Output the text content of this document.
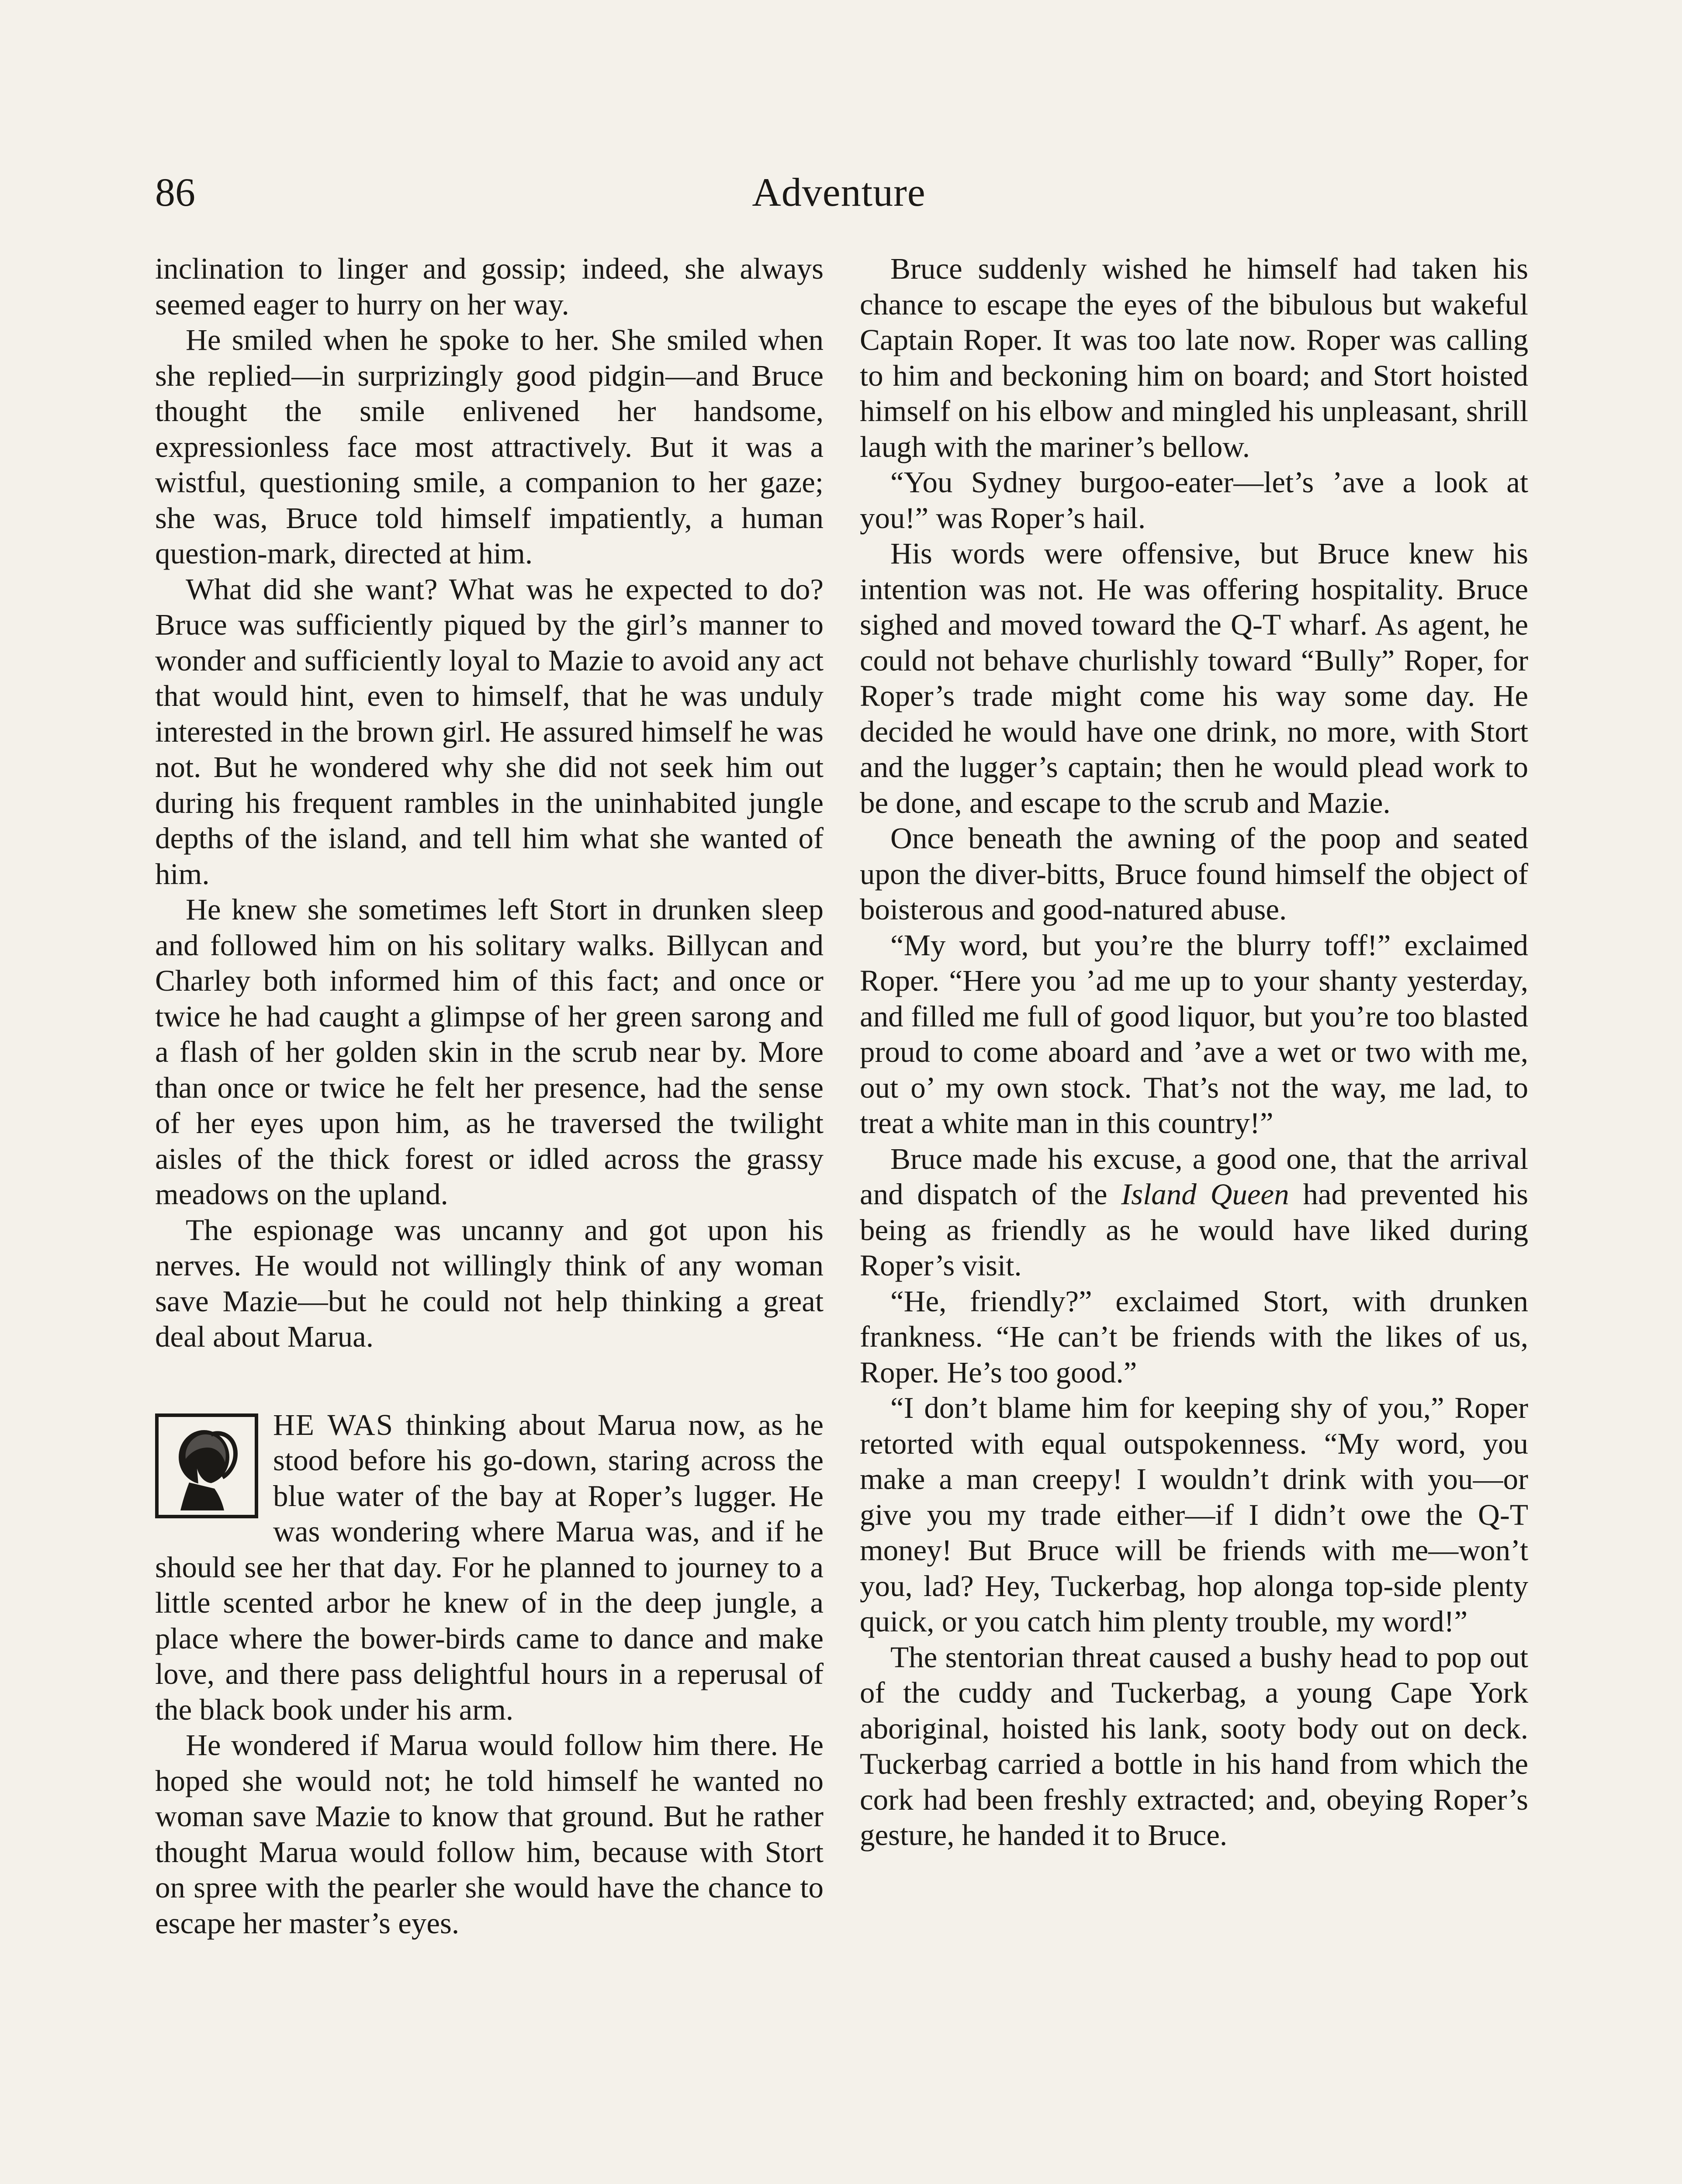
86	Adventure

inclination to linger and gossip; indeed, she always seemed eager to hurry on her way.

He smiled when he spoke to her. She smiled when she replied—in surprizingly good pidgin—and Bruce thought the smile enlivened her handsome, expressionless face most attractively. But it was a wistful, questioning smile, a companion to her gaze; she was, Bruce told himself impatiently, a human question-mark, directed at him.

What did she want? What was he expected to do? Bruce was sufficiently piqued by the girl’s manner to wonder and sufficiently loyal to Mazie to avoid any act that would hint, even to himself, that he was unduly interested in the brown girl. He assured himself he was not. But he wondered why she did not seek him out during his frequent rambles in the uninhabited jungle depths of the island, and tell him what she wanted of him.

He knew she sometimes left Stort in drunken sleep and followed him on his solitary walks. Billycan and Charley both informed him of this fact; and once or twice he had caught a glimpse of her green sarong and a flash of her golden skin in the scrub near by. More than once or twice he felt her presence, had the sense of her eyes upon him, as he traversed the twilight aisles of the thick forest or idled across the grassy meadows on the upland.

The espionage was uncanny and got upon his nerves. He would not willingly think of any woman save Mazie—but he could not help thinking a great deal about Marua.

HE WAS thinking about Marua now, as he stood before his go-down, staring across the blue water of the bay at Roper’s lugger. He was wondering where Marua was, and if he should see her that day. For he planned to journey to a little scented arbor he knew of in the deep jungle, a place where the bower-birds came to dance and make love, and there pass delightful hours in a reperusal of the black book under his arm.

He wondered if Marua would follow him there. He hoped she would not; he told himself he wanted no woman save Mazie to know that ground. But he rather thought Marua would follow him, because with Stort on spree with the pearler she would have the chance to escape her master’s eyes.

Bruce suddenly wished he himself had taken his chance to escape the eyes of the bibulous but wakeful Captain Roper. It was too late now. Roper was calling to him and beckoning him on board; and Stort hoisted himself on his elbow and mingled his unpleasant, shrill laugh with the mariner’s bellow.

“You Sydney burgoo-eater—let’s ’ave a look at you!” was Roper’s hail.

His words were offensive, but Bruce knew his intention was not. He was offering hospitality. Bruce sighed and moved toward the Q-T wharf. As agent, he could not behave churlishly toward “Bully” Roper, for Roper’s trade might come his way some day. He decided he would have one drink, no more, with Stort and the lugger’s captain; then he would plead work to be done, and escape to the scrub and Mazie.

Once beneath the awning of the poop and seated upon the diver-bitts, Bruce found himself the object of boisterous and good-natured abuse.

“My word, but you’re the blurry toff!” exclaimed Roper. “Here you ’ad me up to your shanty yesterday, and filled me full of good liquor, but you’re too blasted proud to come aboard and ’ave a wet or two with me, out o’ my own stock. That’s not the way, me lad, to treat a white man in this country!”

Bruce made his excuse, a good one, that the arrival and dispatch of the Island Queen had prevented his being as friendly as he would have liked during Roper’s visit.

“He, friendly?” exclaimed Stort, with drunken frankness. “He can’t be friends with the likes of us, Roper. He’s too good.”

“I don’t blame him for keeping shy of you,” Roper retorted with equal outspokenness. “My word, you make a man creepy! I wouldn’t drink with you—or give you my trade either—if I didn’t owe the Q-T money! But Bruce will be friends with me—won’t you, lad? Hey, Tuckerbag, hop alonga top-side plenty quick, or you catch him plenty trouble, my word!”

The stentorian threat caused a bushy head to pop out of the cuddy and Tuckerbag, a young Cape York aboriginal, hoisted his lank, sooty body out on deck. Tuckerbag carried a bottle in his hand from which the cork had been freshly extracted; and, obeying Roper’s gesture, he handed it to Bruce.
